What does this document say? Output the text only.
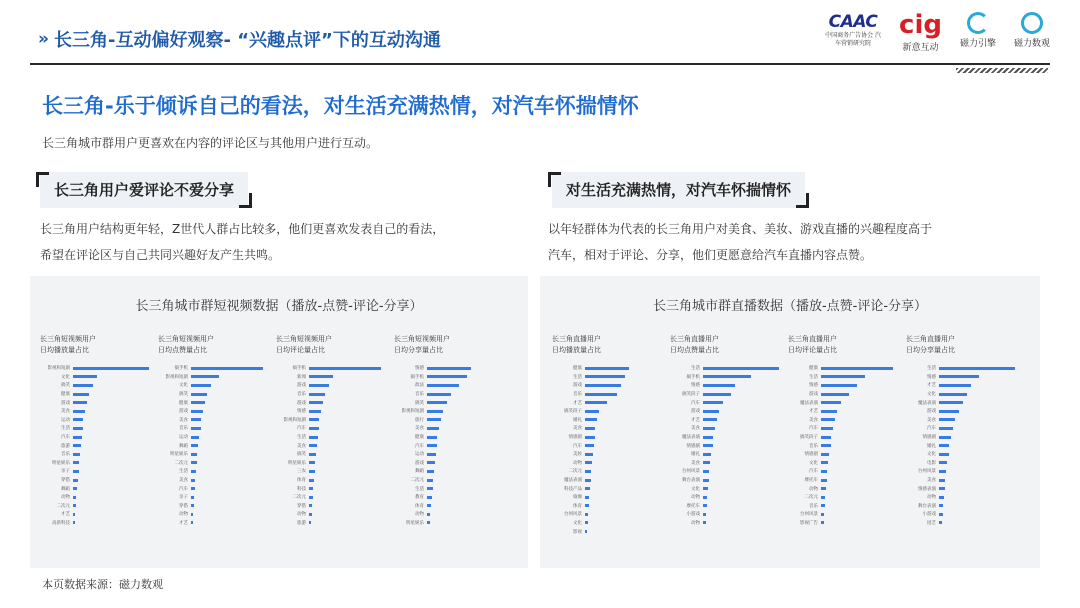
» 长三角-互动偏好观察- “兴趣点评”下的互动沟通
CAAC
中国商务广告协会 汽车营销研究院
cig
新意互动 磁力引擎 磁力数观
长三角-乐于倾诉自己的看法，对生活充满热情，对汽车怀揣情怀
长三角城市群用户更喜欢在内容的评论区与其他用户进行互动。
长三角用户爱评论不爱分享
长三角用户结构更年轻，Z世代人群占比较多，他们更喜欢发表自己的看法，
希望在评论区与自己共同兴趣好友产生共鸣。
对生活充满热情，对汽车怀揣情怀
以年轻群体为代表的长三角用户对美食、美妆、游戏直播的兴趣程度高于
汽车，相对于评论、分享，他们更愿意给汽车直播内容点赞。
长三角城市群短视频数据（播放-点赞-评论-分享）
长三角短视频用户
日均播放量占比
影视和短剧
文化
搞笑
健康
游戏
美食
运动
生活
汽车
旅游
音乐
明星娱乐
亲子
穿搭
舞蹈
动物
二次元
才艺
高新科技
长三角短视频用户
日均点赞量占比
搞手机
影视和短剧
文化
搞笑
健康
游戏
美食
音乐
运动
舞蹈
明星娱乐
二次元
生活
美食
汽车
亲子
穿搭
动物
才艺
长三角短视频用户
日均评论量占比
搞手机
新闻
游戏
音乐
游戏
情感
影视和短剧
汽车
生活
美食
搞笑
明星娱乐
三农
体育
科技
二次元
穿搭
动物
旅游
长三角短视频用户
日均分享量占比
情感
搞手机
政法
音乐
搞笑
影视和短剧
旅行
美食
健康
汽车
运动
游戏
舞蹈
二次元
生活
教育
体育
动物
明星娱乐
长三角城市群直播数据（播放-点赞-评论-分享）
长三角直播用户
日均播放量占比
健康
生活
游戏
音乐
才艺
搞笑段子
婚礼
美食
情感剧
汽车
美妆
动物
二次元
魔法表演
科技产品
瑜伽
体育
台州风景
文化
影视
长三角直播用户
日均点赞量占比
生活
搞手机
情感
搞笑段子
汽车
游戏
才艺
美食
魔法表演
情感剧
婚礼
美食
台州风景
舞台表演
文化
动物
摩托车
小游戏
动物
长三角直播用户
日均评论量占比
健康
生活
情感
游戏
魔法表演
才艺
美食
汽车
搞笑段子
音乐
情感剧
文化
汽车
摩托车
动物
二次元
音乐
台州风景
影视广告
长三角直播用户
日均分享量占比
生活
情感
才艺
文化
魔法表演
游戏
美食
汽车
情感剧
婚礼
文化
电影
台州风景
美食
情感表演
动物
舞台表演
小游戏
园艺
本页数据来源：磁力数观
